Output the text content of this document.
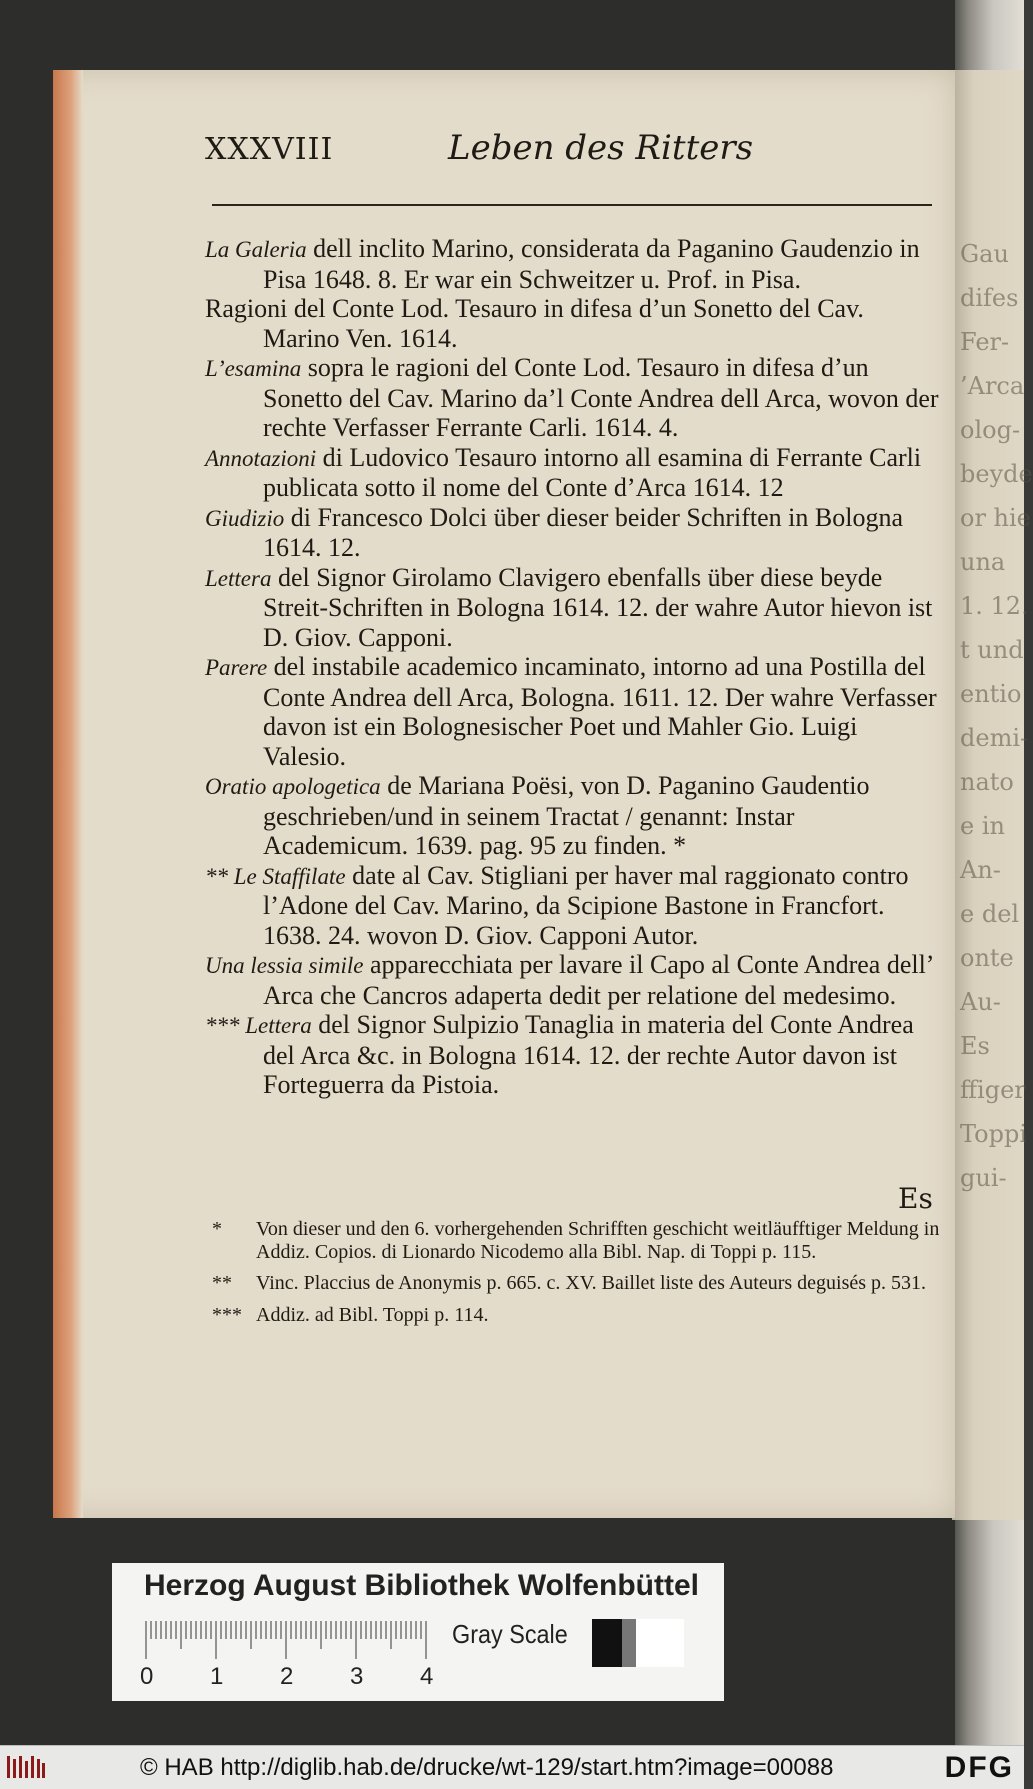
Gau
difes
Fer-
’Arca
olog-
beyde
or hie
una
1. 12.
t und
entio
demi-
nato
e in
An-
e del
onte
Au-
Es
ffiger
Toppi
gui-
XXXVIII	Leben des Ritters

La Galeria dell inclito Marino, considerata da Paganino Gaudenzio in Pisa 1648. 8. Er war ein Schweitzer u. Prof. in Pisa.

Ragioni del Conte Lod. Tesauro in difesa d’un Sonetto del Cav. Marino Ven. 1614.

L’esamina sopra le ragioni del Conte Lod. Tesauro in difesa d’un Sonetto del Cav. Marino da’l Conte Andrea dell Arca, wovon der rechte Verfasser Ferrante Carli. 1614. 4.

Annotazioni di Ludovico Tesauro intorno all esamina di Ferrante Carli publicata sotto il nome del Conte d’Arca 1614. 12

Giudizio di Francesco Dolci über dieser beider Schriften in Bologna 1614. 12.

Lettera del Signor Girolamo Clavigero ebenfalls über diese beyde Streit-Schriften in Bologna 1614. 12. der wahre Autor hievon ist D. Giov. Capponi.

Parere del instabile academico incaminato, intorno ad una Postilla del Conte Andrea dell Arca, Bologna. 1611. 12. Der wahre Verfasser davon ist ein Bolognesischer Poet und Mahler Gio. Luigi Valesio.

Oratio apologetica de Mariana Poësi, von D. Paganino Gaudentio geschrieben/und in seinem Tractat / genannt: Instar Academicum. 1639. pag. 95 zu finden. *

** Le Staffilate date al Cav. Stigliani per haver mal raggionato contro l’Adone del Cav. Marino, da Scipione Bastone in Francfort. 1638. 24. wovon D. Giov. Capponi Autor.

Una lessia simile apparecchiata per lavare il Capo al Conte Andrea dell’ Arca che Cancros adaperta dedit per relatione del medesimo.

*** Lettera del Signor Sulpizio Tanaglia in materia del Conte Andrea del Arca &c. in Bologna 1614. 12. der rechte Autor davon ist Forteguerra da Pistoia.

Es

* Von dieser und den 6. vorhergehenden Schrifften geschicht weitläufftiger Meldung in Addiz. Copios. di Lionardo Nicodemo alla Bibl. Nap. di Toppi p. 115.

** Vinc. Placcius de Anonymis p. 665. c. XV. Baillet liste des Auteurs deguisés p. 531.

*** Addiz. ad Bibl. Toppi p. 114.

Herzog August Bibliothek Wolfenbüttel
Gray Scale
0 1 2 3 4
© HAB http://diglib.hab.de/drucke/wt-129/start.htm?image=00088	DFG
